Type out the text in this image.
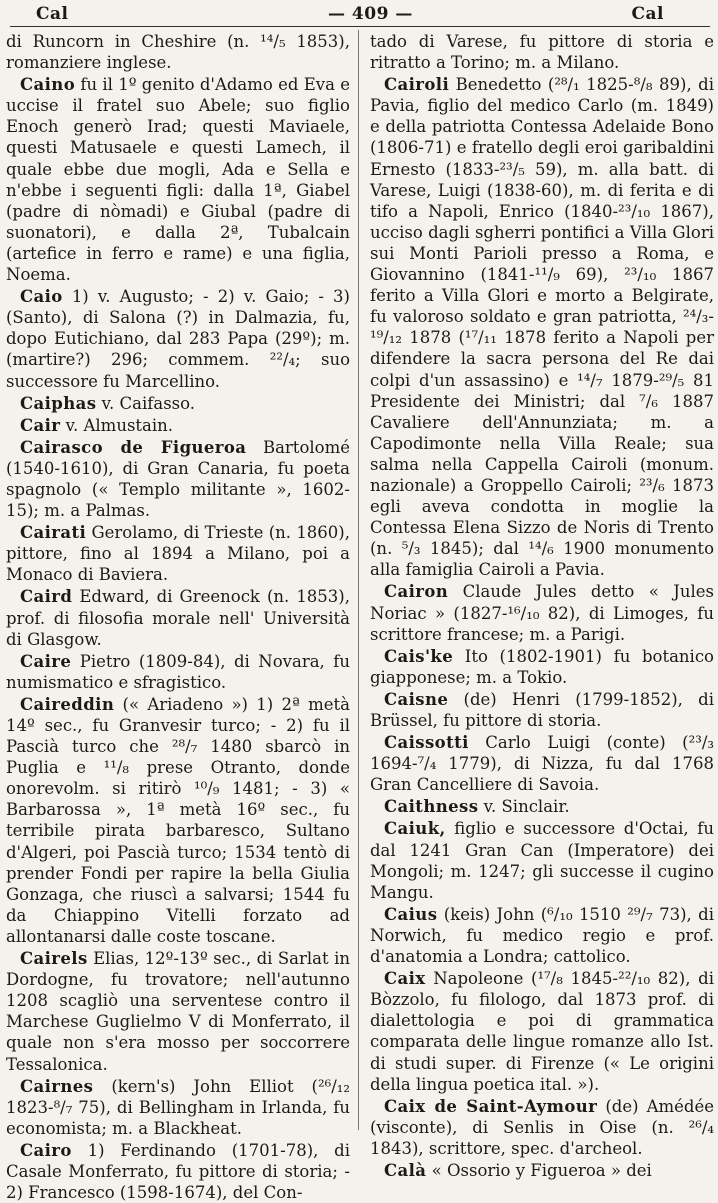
Cal	— 409 —	Cal

di Runcorn in Cheshire (n. ¹⁴/₅ 1853), romanziere inglese.

Caino fu il 1º genito d'Adamo ed Eva e uccise il fratel suo Abele; suo figlio Enoch generò Irad; questi Maviaele, questi Matusaele e questi Lamech, il quale ebbe due mogli, Ada e Sella e n'ebbe i seguenti figli: dalla 1ª, Giabel (padre di nòmadi) e Giubal (padre di suonatori), e dalla 2ª, Tubalcain (artefice in ferro e rame) e una figlia, Noema.

Caio 1) v. Augusto; - 2) v. Gaio; - 3) (Santo), di Salona (?) in Dalmazia, fu, dopo Eutichiano, dal 283 Papa (29º); m. (martire?) 296; commem. ²²/₄; suo successore fu Marcellino.

Caiphas v. Caifasso.

Cair v. Almustain.

Cairasco de Figueroa Bartolomé (1540-1610), di Gran Canaria, fu poeta spagnolo (« Templo militante », 1602-15); m. a Palmas.

Cairati Gerolamo, di Trieste (n. 1860), pittore, fino al 1894 a Milano, poi a Monaco di Baviera.

Caird Edward, di Greenock (n. 1853), prof. di filosofia morale nell' Università di Glasgow.

Caire Pietro (1809-84), di Novara, fu numismatico e sfragistico.

Caireddin (« Ariadeno ») 1) 2ª metà 14º sec., fu Granvesir turco; - 2) fu il Pascià turco che ²⁸/₇ 1480 sbarcò in Puglia e ¹¹/₈ prese Otranto, donde onorevolm. si ritirò ¹⁰/₉ 1481; - 3) « Barbarossa », 1ª metà 16º sec., fu terribile pirata barbaresco, Sultano d'Algeri, poi Pascià turco; 1534 tentò di prender Fondi per rapire la bella Giulia Gonzaga, che riuscì a salvarsi; 1544 fu da Chiappino Vitelli forzato ad allontanarsi dalle coste toscane.

Cairels Elias, 12º-13º sec., di Sarlat in Dordogne, fu trovatore; nell'autunno 1208 scagliò una serventese contro il Marchese Guglielmo V di Monferrato, il quale non s'era mosso per soccorrere Tessalonica.

Cairnes (kern's) John Elliot (²⁶/₁₂ 1823-⁸/₇ 75), di Bellingham in Irlanda, fu economista; m. a Blackheat.

Cairo 1) Ferdinando (1701-78), di Casale Monferrato, fu pittore di storia; - 2) Francesco (1598-1674), del Con-

tado di Varese, fu pittore di storia e ritratto a Torino; m. a Milano.

Cairoli Benedetto (²⁸/₁ 1825-⁸/₈ 89), di Pavia, figlio del medico Carlo (m. 1849) e della patriotta Contessa Adelaide Bono (1806-71) e fratello degli eroi garibaldini Ernesto (1833-²³/₅ 59), m. alla batt. di Varese, Luigi (1838-60), m. di ferita e di tifo a Napoli, Enrico (1840-²³/₁₀ 1867), ucciso dagli sgherri pontifici a Villa Glori sui Monti Parioli presso a Roma, e Giovannino (1841-¹¹/₉ 69), ²³/₁₀ 1867 ferito a Villa Glori e morto a Belgirate, fu valoroso soldato e gran patriotta, ²⁴/₃-¹⁹/₁₂ 1878 (¹⁷/₁₁ 1878 ferito a Napoli per difendere la sacra persona del Re dai colpi d'un assassino) e ¹⁴/₇ 1879-²⁹/₅ 81 Presidente dei Ministri; dal ⁷/₆ 1887 Cavaliere dell'Annunziata; m. a Capodimonte nella Villa Reale; sua salma nella Cappella Cairoli (monum. nazionale) a Groppello Cairoli; ²³/₆ 1873 egli aveva condotta in moglie la Contessa Elena Sizzo de Noris di Trento (n. ⁵/₃ 1845); dal ¹⁴/₆ 1900 monumento alla famiglia Cairoli a Pavia.

Cairon Claude Jules detto « Jules Noriac » (1827-¹⁶/₁₀ 82), di Limoges, fu scrittore francese; m. a Parigi.

Cais'ke Ito (1802-1901) fu botanico giapponese; m. a Tokio.

Caisne (de) Henri (1799-1852), di Brüssel, fu pittore di storia.

Caissotti Carlo Luigi (conte) (²³/₃ 1694-⁷/₄ 1779), di Nizza, fu dal 1768 Gran Cancelliere di Savoia.

Caithness v. Sinclair.

Caiuk, figlio e successore d'Octai, fu dal 1241 Gran Can (Imperatore) dei Mongoli; m. 1247; gli successe il cugino Mangu.

Caius (keis) John (⁶/₁₀ 1510 ²⁹/₇ 73), di Norwich, fu medico regio e prof. d'anatomia a Londra; cattolico.

Caix Napoleone (¹⁷/₈ 1845-²²/₁₀ 82), di Bòzzolo, fu filologo, dal 1873 prof. di dialettologia e poi di grammatica comparata delle lingue romanze allo Ist. di studi super. di Firenze (« Le origini della lingua poetica ital. »).

Caix de Saint-Aymour (de) Amédée (visconte), di Senlis in Oise (n. ²⁶/₄ 1843), scrittore, spec. d'archeol.

Calà « Ossorio y Figueroa » dei
